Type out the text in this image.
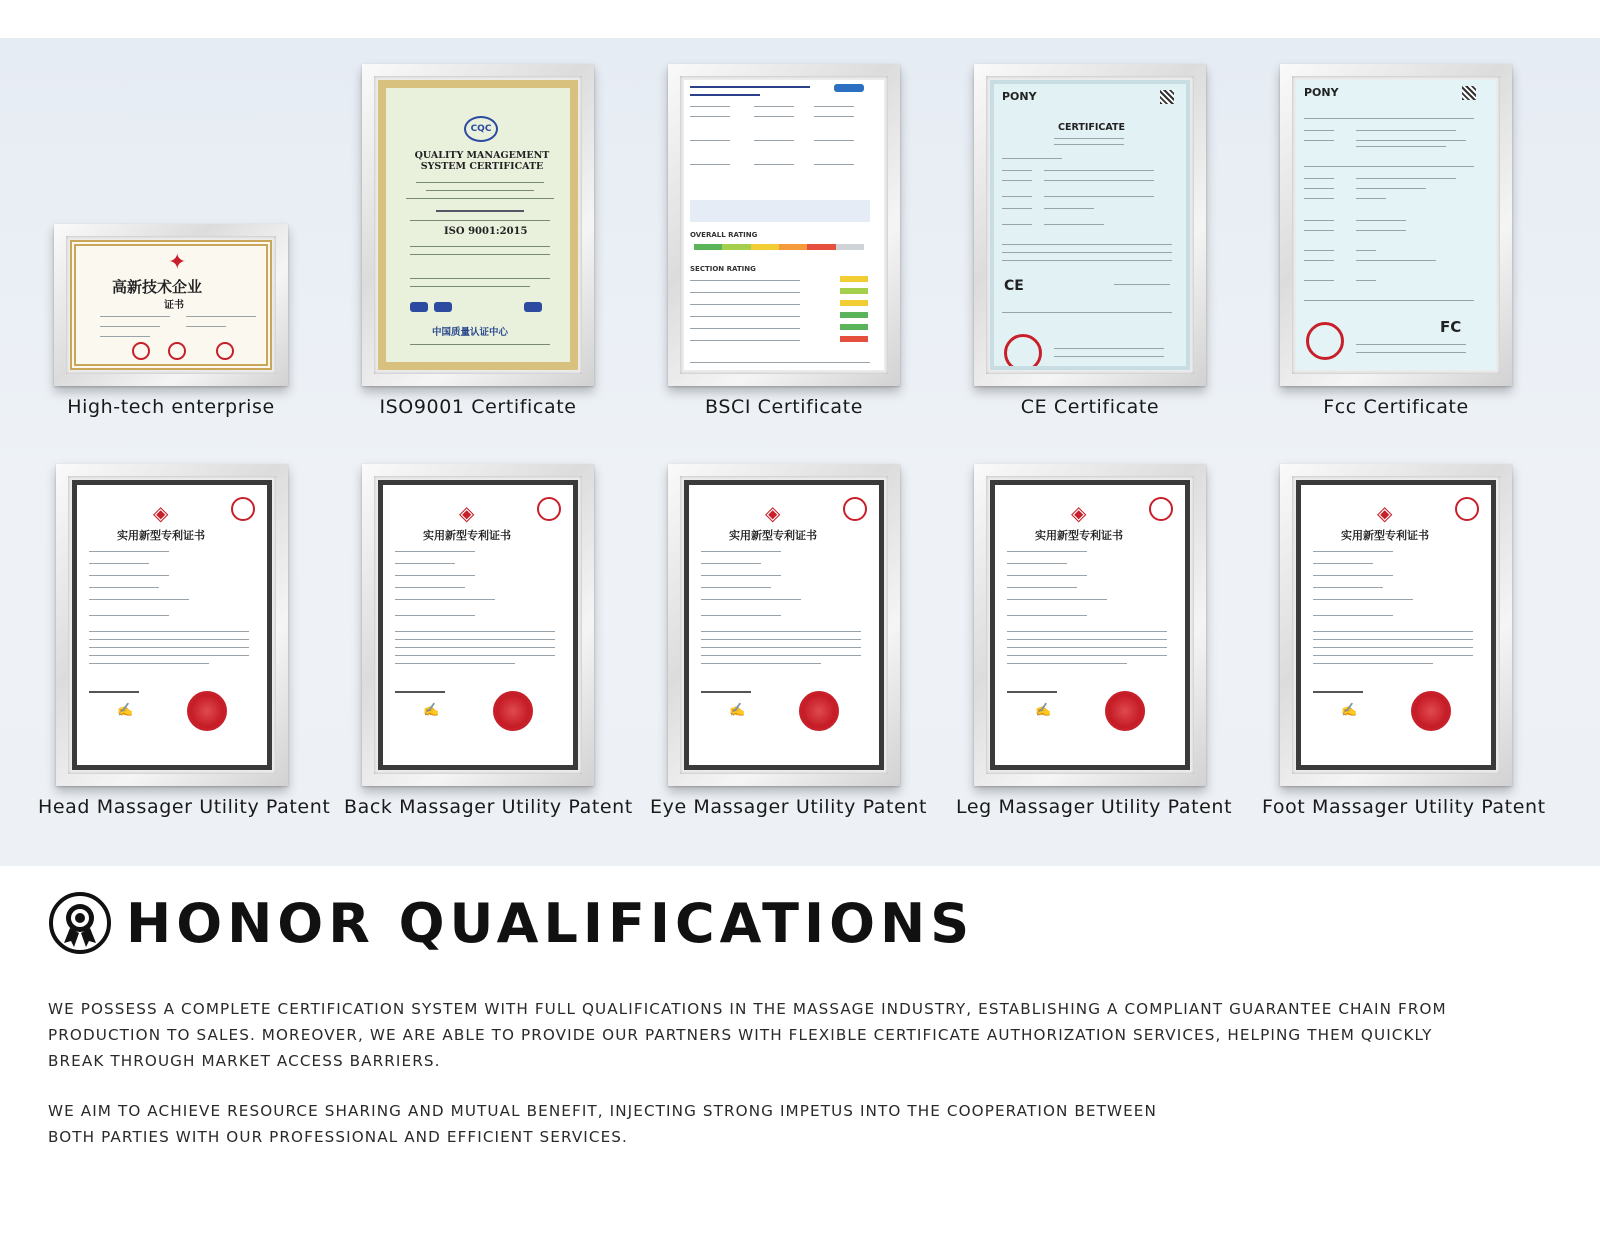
✦
高新技术企业
证书
High-tech enterprise
CQC
QUALITY MANAGEMENT SYSTEM CERTIFICATE
ISO 9001:2015
中国质量认证中心
ISO9001 Certificate
OVERALL RATING
SECTION RATING
BSCI Certificate
PONY
CERTIFICATE
CE
CE Certificate
PONY
FC
Fcc Certificate
◈
实用新型专利证书
✍
Head Massager Utility Patent
◈
实用新型专利证书
✍
Back Massager Utility Patent
◈
实用新型专利证书
✍
Eye Massager Utility Patent
◈
实用新型专利证书
✍
Leg Massager Utility Patent
◈
实用新型专利证书
✍
Foot Massager Utility Patent
HONOR QUALIFICATIONS

WE POSSESS A COMPLETE CERTIFICATION SYSTEM WITH FULL QUALIFICATIONS IN THE MASSAGE INDUSTRY, ESTABLISHING A COMPLIANT GUARANTEE CHAIN FROM PRODUCTION TO SALES. MOREOVER, WE ARE ABLE TO PROVIDE OUR PARTNERS WITH FLEXIBLE CERTIFICATE AUTHORIZATION SERVICES, HELPING THEM QUICKLY BREAK THROUGH MARKET ACCESS BARRIERS.

WE AIM TO ACHIEVE RESOURCE SHARING AND MUTUAL BENEFIT, INJECTING STRONG IMPETUS INTO THE COOPERATION BETWEEN BOTH PARTIES WITH OUR PROFESSIONAL AND EFFICIENT SERVICES.
